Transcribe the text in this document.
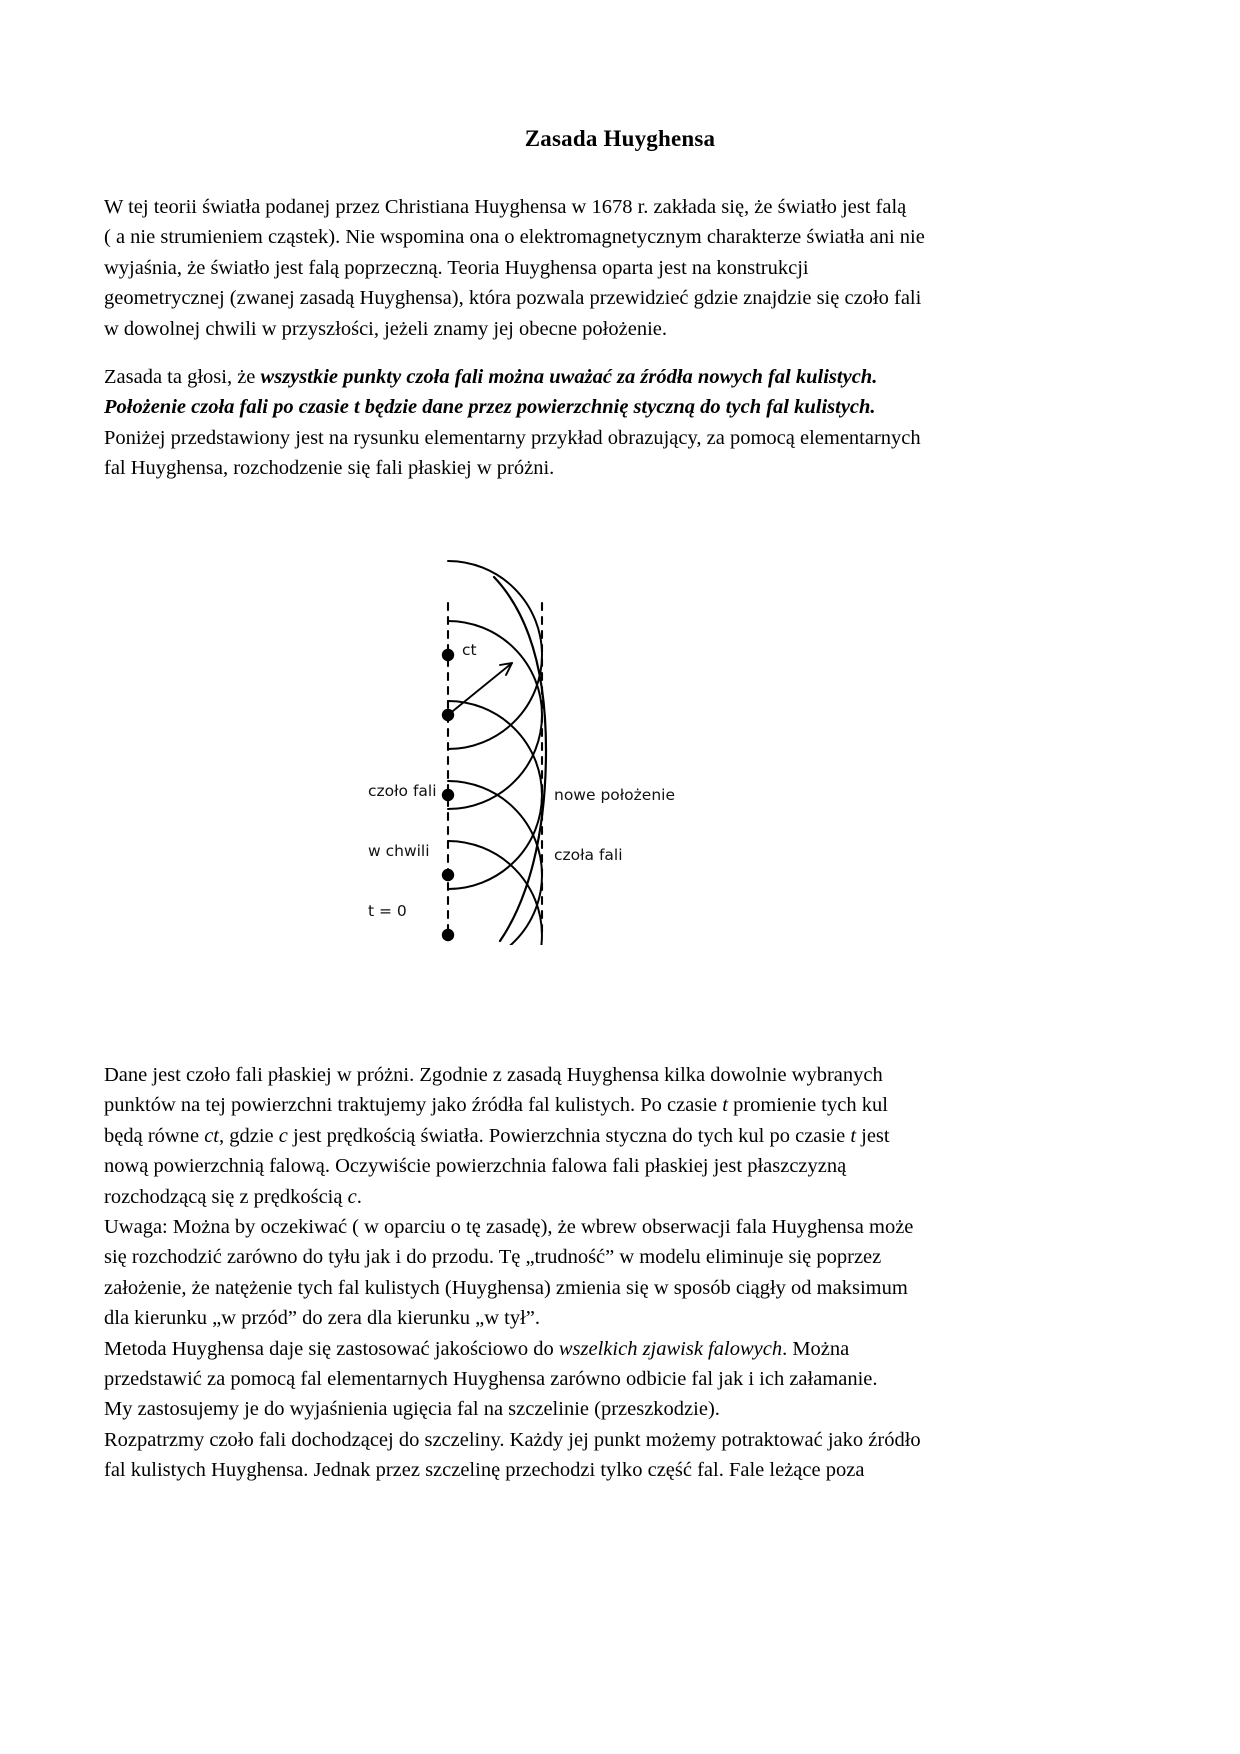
Zasada Huyghensa
W tej teorii światła podanej przez Christiana Huyghensa w 1678 r. zakłada się, że światło jest falą
( a nie strumieniem cząstek). Nie wspomina ona o elektromagnetycznym charakterze światła ani nie
wyjaśnia, że światło jest falą poprzeczną. Teoria Huyghensa oparta jest na konstrukcji
geometrycznej (zwanej zasadą Huyghensa), która pozwala przewidzieć gdzie znajdzie się czoło fali
w dowolnej chwili w przyszłości, jeżeli znamy jej obecne położenie.
Zasada ta głosi, że wszystkie punkty czoła fali można uważać za źródła nowych fal kulistych.
Położenie czoła fali po czasie t będzie dane przez powierzchnię styczną do tych fal kulistych.
Poniżej przedstawiony jest na rysunku elementarny przykład obrazujący, za pomocą elementarnych
fal Huyghensa, rozchodzenie się fali płaskiej w próżni.
ct

czoło fali

w chwili

t = 0

nowe położenie

czoła fali

Dane jest czoło fali płaskiej w próżni. Zgodnie z zasadą Huyghensa kilka dowolnie wybranych
punktów na tej powierzchni traktujemy jako źródła fal kulistych. Po czasie t promienie tych kul
będą równe ct, gdzie c jest prędkością światła. Powierzchnia styczna do tych kul po czasie t jest
nową powierzchnią falową. Oczywiście powierzchnia falowa fali płaskiej jest płaszczyzną
rozchodzącą się z prędkością c.
Uwaga: Można by oczekiwać ( w oparciu o tę zasadę), że wbrew obserwacji fala Huyghensa może
się rozchodzić zarówno do tyłu jak i do przodu. Tę „trudność” w modelu eliminuje się poprzez
założenie, że natężenie tych fal kulistych (Huyghensa) zmienia się w sposób ciągły od maksimum
dla kierunku „w przód” do zera dla kierunku „w tył”.
Metoda Huyghensa daje się zastosować jakościowo do wszelkich zjawisk falowych. Można
przedstawić za pomocą fal elementarnych Huyghensa zarówno odbicie fal jak i ich załamanie.
My zastosujemy je do wyjaśnienia ugięcia fal na szczelinie (przeszkodzie).
Rozpatrzmy czoło fali dochodzącej do szczeliny. Każdy jej punkt możemy potraktować jako źródło
fal kulistych Huyghensa. Jednak przez szczelinę przechodzi tylko część fal. Fale leżące poza
